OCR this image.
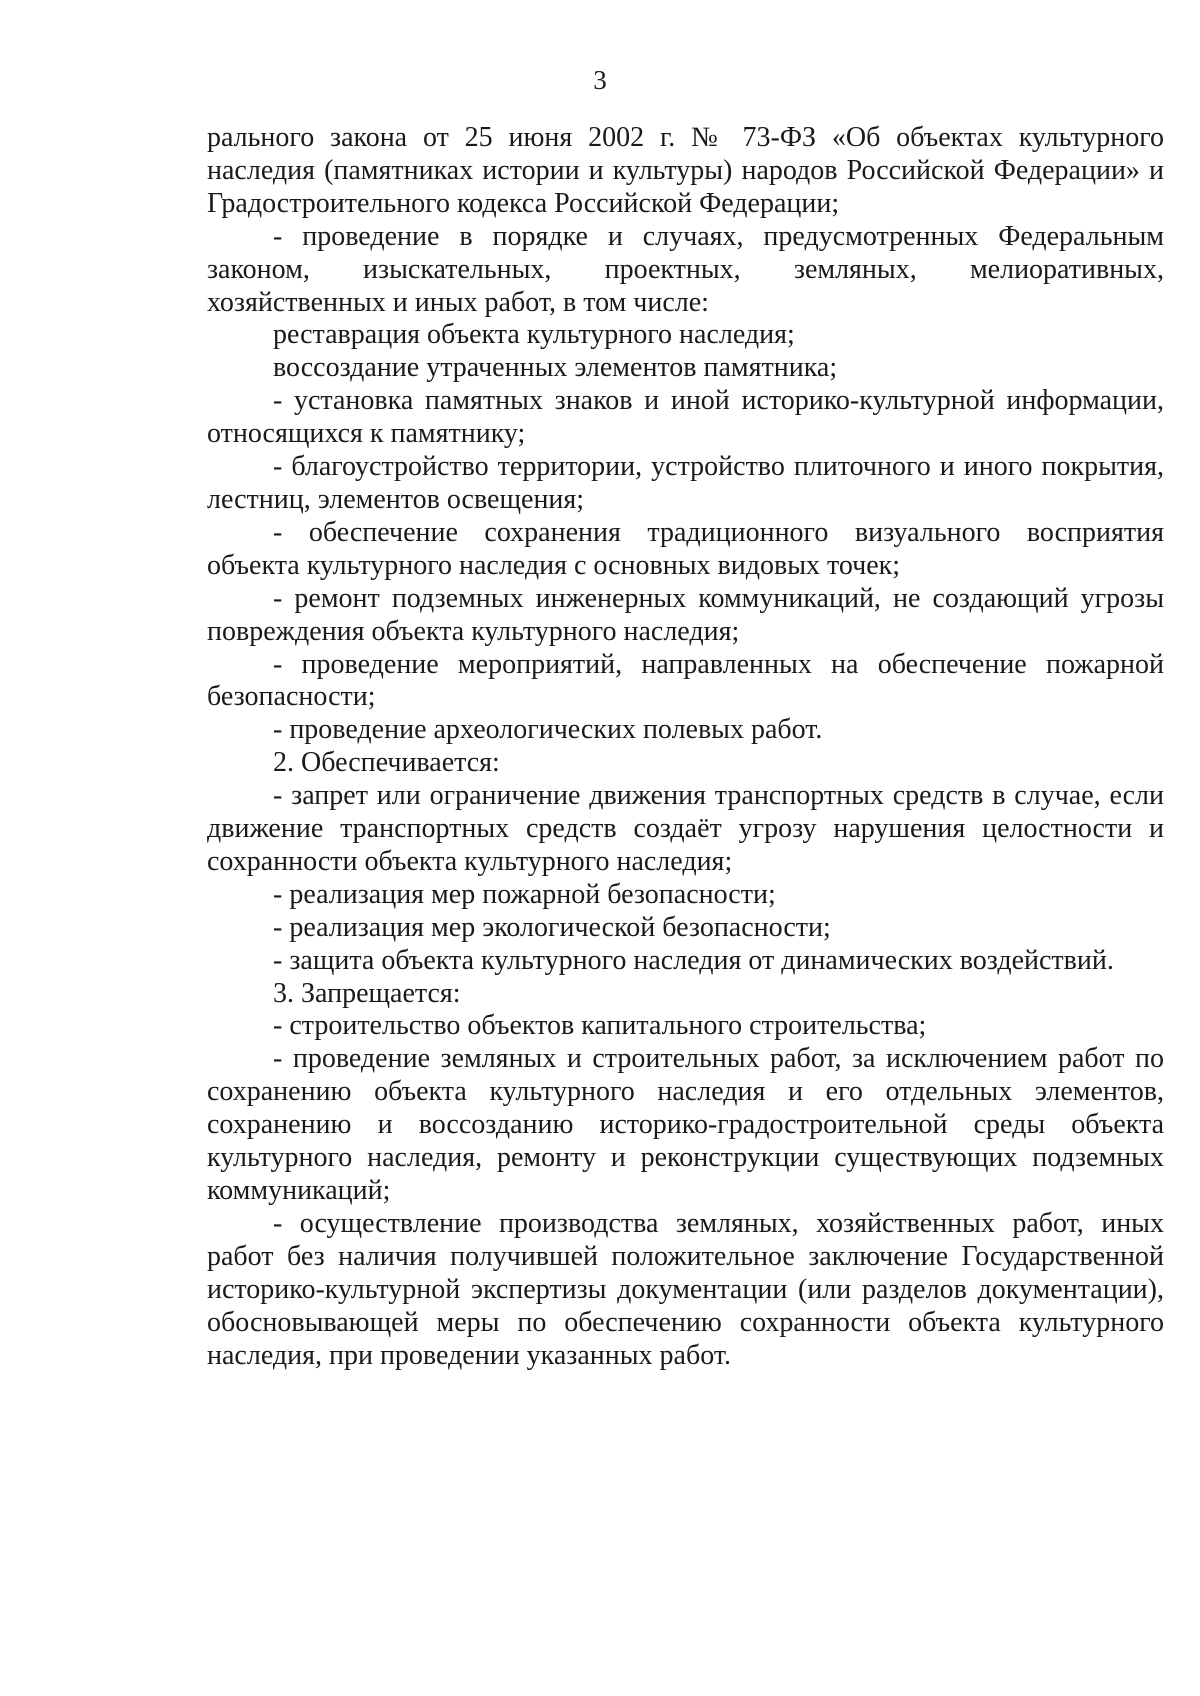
3

рального закона от 25 июня 2002 г. № 73-ФЗ «Об объектах культурного наследия (памятниках истории и культуры) народов Российской Федерации» и Градостроительного кодекса Российской Федерации;

- проведение в порядке и случаях, предусмотренных Федеральным законом, изыскательных, проектных, земляных, мелиоративных, хозяйственных и иных работ, в том числе:

реставрация объекта культурного наследия;

воссоздание утраченных элементов памятника;

- установка памятных знаков и иной историко-культурной информации, относящихся к памятнику;

- благоустройство территории, устройство плиточного и иного покрытия, лестниц, элементов освещения;

- обеспечение сохранения традиционного визуального восприятия объекта культурного наследия с основных видовых точек;

- ремонт подземных инженерных коммуникаций, не создающий угрозы повреждения объекта культурного наследия;

- проведение мероприятий, направленных на обеспечение пожарной безопасности;

- проведение археологических полевых работ.

2. Обеспечивается:

- запрет или ограничение движения транспортных средств в случае, если движение транспортных средств создаёт угрозу нарушения целостности и сохранности объекта культурного наследия;

- реализация мер пожарной безопасности;

- реализация мер экологической безопасности;

- защита объекта культурного наследия от динамических воздействий.

3. Запрещается:

- строительство объектов капитального строительства;

- проведение земляных и строительных работ, за исключением работ по сохранению объекта культурного наследия и его отдельных элементов, сохранению и воссозданию историко-градостроительной среды объекта культурного наследия, ремонту и реконструкции существующих подземных коммуникаций;

- осуществление производства земляных, хозяйственных работ, иных работ без наличия получившей положительное заключение Государственной историко-культурной экспертизы документации (или разделов документации), обосновывающей меры по обеспечению сохранности объекта культурного наследия, при проведении указанных работ.
